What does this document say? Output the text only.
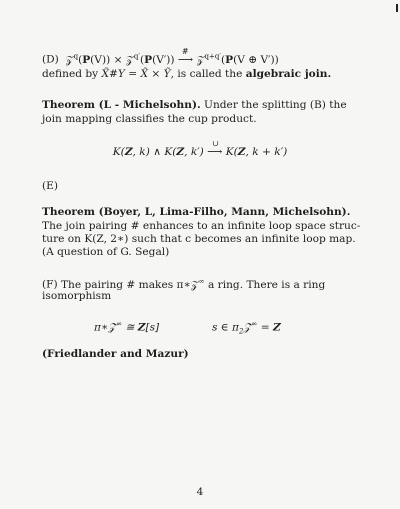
(D) 𝒵$^q$(P(V)) × 𝒵$^{q'}$(P(V′))
#
⟶ 𝒵$^{q+q'}$(P(V ⊕ V′))
defined by X̃#Y = X̃ × Ỹ, is called the algebraic join.
Theorem (L - Michelsohn). Under the splitting (B) the
join mapping classifies the cup product.
K(Z, k) ∧ K(Z, k′)
∪
⟶ K(Z, k + k′)
(E)
Theorem (Boyer, L, Lima-Filho, Mann, Michelsohn).
The join pairing # enhances to an infinite loop space struc-
ture on K(Z, 2∗) such that c becomes an infinite loop map.
(A question of G. Segal)
(F) The pairing # makes π∗𝒵∞ a ring. There is a ring
isomorphism
π∗𝒵∞ ≅ Z[s]	s ∈ $\pi_2𝒵^\infty = Z$
(Friedlander and Mazur)
4
